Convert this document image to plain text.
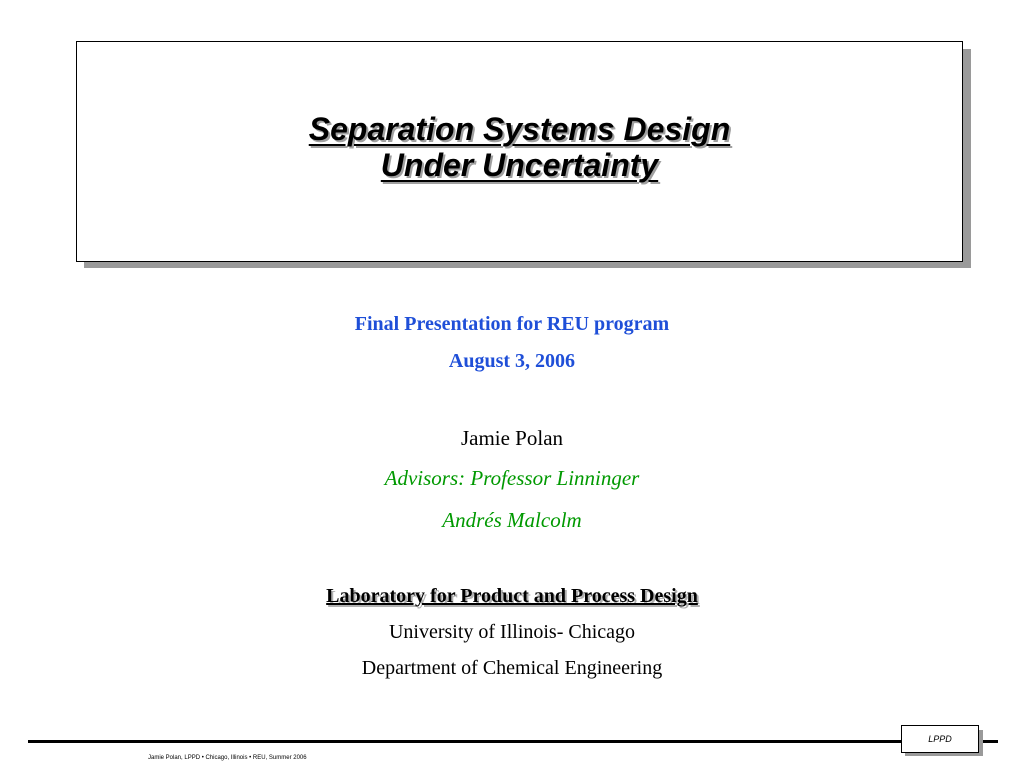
Separation Systems Design
Under Uncertainty
Final Presentation for REU program
August 3, 2006
Jamie Polan
Advisors: Professor Linninger
Andrés Malcolm
Laboratory for Product and Process Design
University of Illinois- Chicago
Department of Chemical Engineering
LPPD
Jamie Polan, LPPD • Chicago, Illinois • REU, Summer 2006
